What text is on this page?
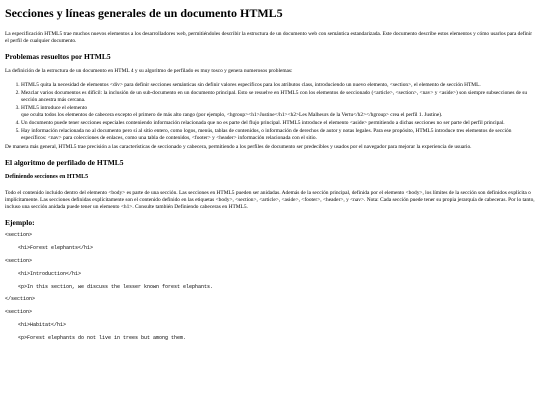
Secciones y líneas generales de un documento HTML5

La especificación HTML5 trae muchos nuevos elementos a los desarrolladores web, permitiéndoles describir la estructura de un documento web con semántica estandarizada. Este documento describe estos elementos y cómo usarlos para definir el perfil de cualquier documento.

Problemas resueltos por HTML5

La definición de la estructura de un documento en HTML 4 y su algoritmo de perfilado es muy tosco y genera numerosos problemas:

1. HTML5 quita la necesidad de elementos <div> para definir secciones semánticas sin definir valores específicos para los atributos class, introduciendo un nuevo elemento, <section>, el elemento de sección HTML.
2. Mezclar varios documentos es difícil: la inclusión de un sub-documento en un documento principal. Esto se resuelve en HTML5 con los elementos de seccionado (<article>, <section>, <nav> y <aside>) son siempre subsecciones de su sección ancestra más cercana.
3. HTML5 introduce el elemento
que oculta todos los elementos de cabecera excepto el primero de más alto rango (por ejemplo, <hgroup><h1>Justine</h1><h2>Les Malheurs de la Vertu</h2></hgroup> crea el perfil 1. Justine).
4. Un documento puede tener secciones especiales conteniendo información relacionada que no es parte del flujo principal. HTML5 introduce el elemento <aside> permitiendo a dichas secciones no ser parte del perfil principal.
5. Hay información relacionada no al documento pero sí al sitio entero, como logos, menús, tablas de contenidos, o información de derechos de autor y notas legales. Para ese propósito, HTML5 introduce tres elementos de sección específicos: <nav> para colecciones de enlaces, como una tabla de contenidos, <footer> y <header> información relacionada con el sitio.

De manera más general, HTML5 trae precisión a las características de seccionado y cabecera, permitiendo a los perfiles de documento ser predecibles y usados por el navegador para mejorar la experiencia de usuario.

El algoritmo de perfilado de HTML5
Definiendo secciones en HTML5

Todo el contenido incluido dentro del elemento <body> es parte de una sección. Las secciones en HTML5 pueden ser anidadas. Además de la sección principal, definida por el elemento <body>, los límites de la sección son definidos explícita o implícitamente. Las secciones definidas explícitamente son el contenido definido en las etiquetas <body>, <section>, <article>, <aside>, <footer>, <header>, y <nav>. Nota: Cada sección puede tener su propia jerarquía de cabeceras. Por lo tanto, incluso una sección anidada puede tener un elemento <h1>. Consulte también Definiendo cabeceras en HTML5.

Ejemplo:
<section>
<h1>Forest elephants</h1>
<section>
<h1>Introduction</h1>
<p>In this section, we discuss the lesser known forest elephants.
</section>
<section>
<h1>Habitat</h1>
<p>Forest elephants do not live in trees but among them.
